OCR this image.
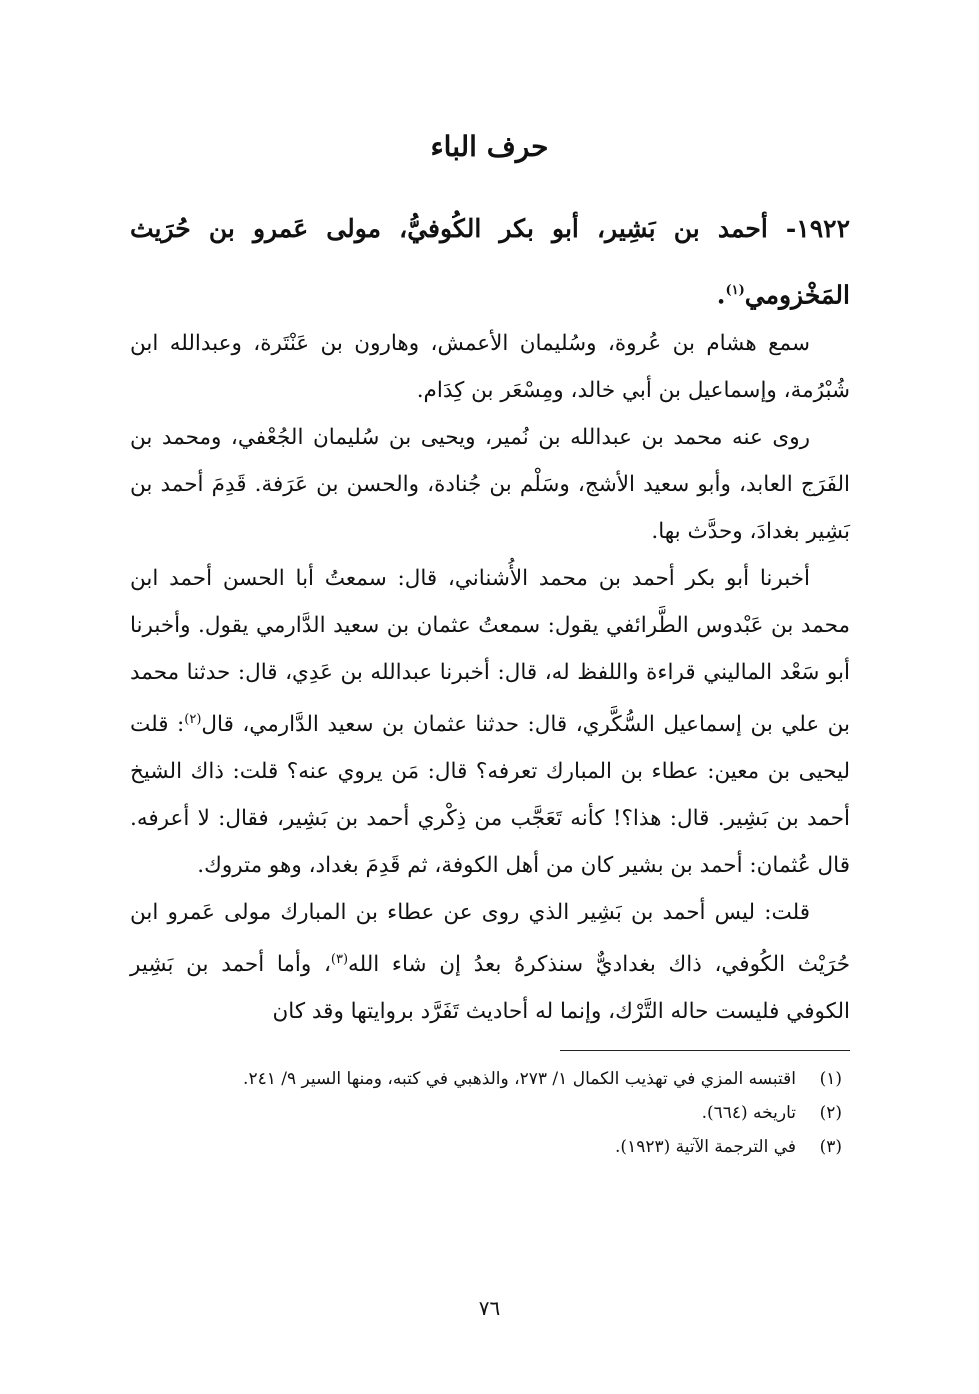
حرف الباء
١٩٢٢- أحمد بن بَشِير، أبو بكر الكُوفيُّ، مولى عَمرو بن حُرَيث المَخْزومي$^{(١)}$.

سمع هشام بن عُروة، وسُليمان الأعمش، وهارون بن عَنْتَرة، وعبدالله ابن شُبْرُمة، وإسماعيل بن أبي خالد، ومِسْعَر بن كِدَام.

روى عنه محمد بن عبدالله بن نُمير، ويحيى بن سُليمان الجُعْفي، ومحمد بن الفَرَج العابد، وأبو سعيد الأشج، وسَلْم بن جُنادة، والحسن بن عَرَفة. قَدِمَ أحمد بن بَشِير بغدادَ، وحدَّث بها.

أخبرنا أبو بكر أحمد بن محمد الأُشناني، قال: سمعتُ أبا الحسن أحمد ابن محمد بن عَبْدوس الطَّرائفي يقول: سمعتُ عثمان بن سعيد الدَّارمي يقول. وأخبرنا أبو سَعْد الماليني قراءة واللفظ له، قال: أخبرنا عبدالله بن عَدِي، قال: حدثنا محمد بن علي بن إسماعيل السُّكَّري، قال: حدثنا عثمان بن سعيد الدَّارمي، قال$^{(٢)}$: قلت ليحيى بن معين: عطاء بن المبارك تعرفه؟ قال: مَن يروي عنه؟ قلت: ذاك الشيخ أحمد بن بَشِير. قال: هذا؟! كأنه تَعَجَّب من ذِكْري أحمد بن بَشِير، فقال: لا أعرفه. قال عُثمان: أحمد بن بشير كان من أهل الكوفة، ثم قَدِمَ بغداد، وهو متروك.

قلت: ليس أحمد بن بَشِير الذي روى عن عطاء بن المبارك مولى عَمرو ابن حُرَيْث الكُوفي، ذاك بغداديٌّ سنذكرهُ بعدُ إن شاء الله$^{(٣)}$، وأما أحمد بن بَشِير الكوفي فليست حاله التَّرْك، وإنما له أحاديث تَفَرَّد بروايتها وقد كان

(١)اقتبسه المزي في تهذيب الكمال ١/ ٢٧٣، والذهبي في كتبه، ومنها السير ٩/ ٢٤١.
(٢)تاريخه (٦٦٤).
(٣)في الترجمة الآتية (١٩٢٣).
٧٦
